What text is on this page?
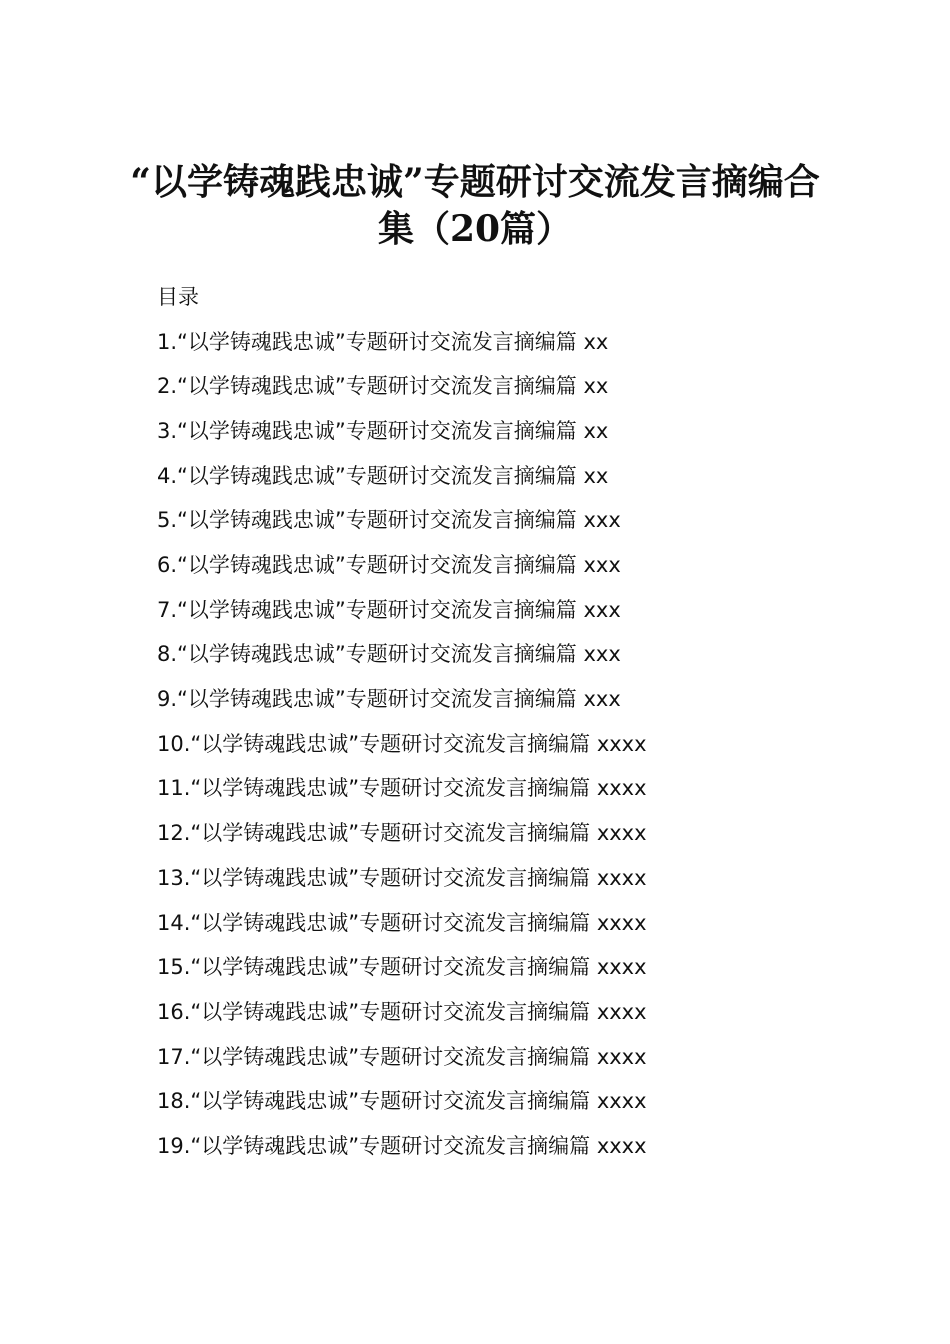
“以学铸魂践忠诚”专题研讨交流发言摘编合
集（20篇）
目录
1.“以学铸魂践忠诚”专题研讨交流发言摘编篇 xx
2.“以学铸魂践忠诚”专题研讨交流发言摘编篇 xx
3.“以学铸魂践忠诚”专题研讨交流发言摘编篇 xx
4.“以学铸魂践忠诚”专题研讨交流发言摘编篇 xx
5.“以学铸魂践忠诚”专题研讨交流发言摘编篇 xxx
6.“以学铸魂践忠诚”专题研讨交流发言摘编篇 xxx
7.“以学铸魂践忠诚”专题研讨交流发言摘编篇 xxx
8.“以学铸魂践忠诚”专题研讨交流发言摘编篇 xxx
9.“以学铸魂践忠诚”专题研讨交流发言摘编篇 xxx
10.“以学铸魂践忠诚”专题研讨交流发言摘编篇 xxxx
11.“以学铸魂践忠诚”专题研讨交流发言摘编篇 xxxx
12.“以学铸魂践忠诚”专题研讨交流发言摘编篇 xxxx
13.“以学铸魂践忠诚”专题研讨交流发言摘编篇 xxxx
14.“以学铸魂践忠诚”专题研讨交流发言摘编篇 xxxx
15.“以学铸魂践忠诚”专题研讨交流发言摘编篇 xxxx
16.“以学铸魂践忠诚”专题研讨交流发言摘编篇 xxxx
17.“以学铸魂践忠诚”专题研讨交流发言摘编篇 xxxx
18.“以学铸魂践忠诚”专题研讨交流发言摘编篇 xxxx
19.“以学铸魂践忠诚”专题研讨交流发言摘编篇 xxxx
